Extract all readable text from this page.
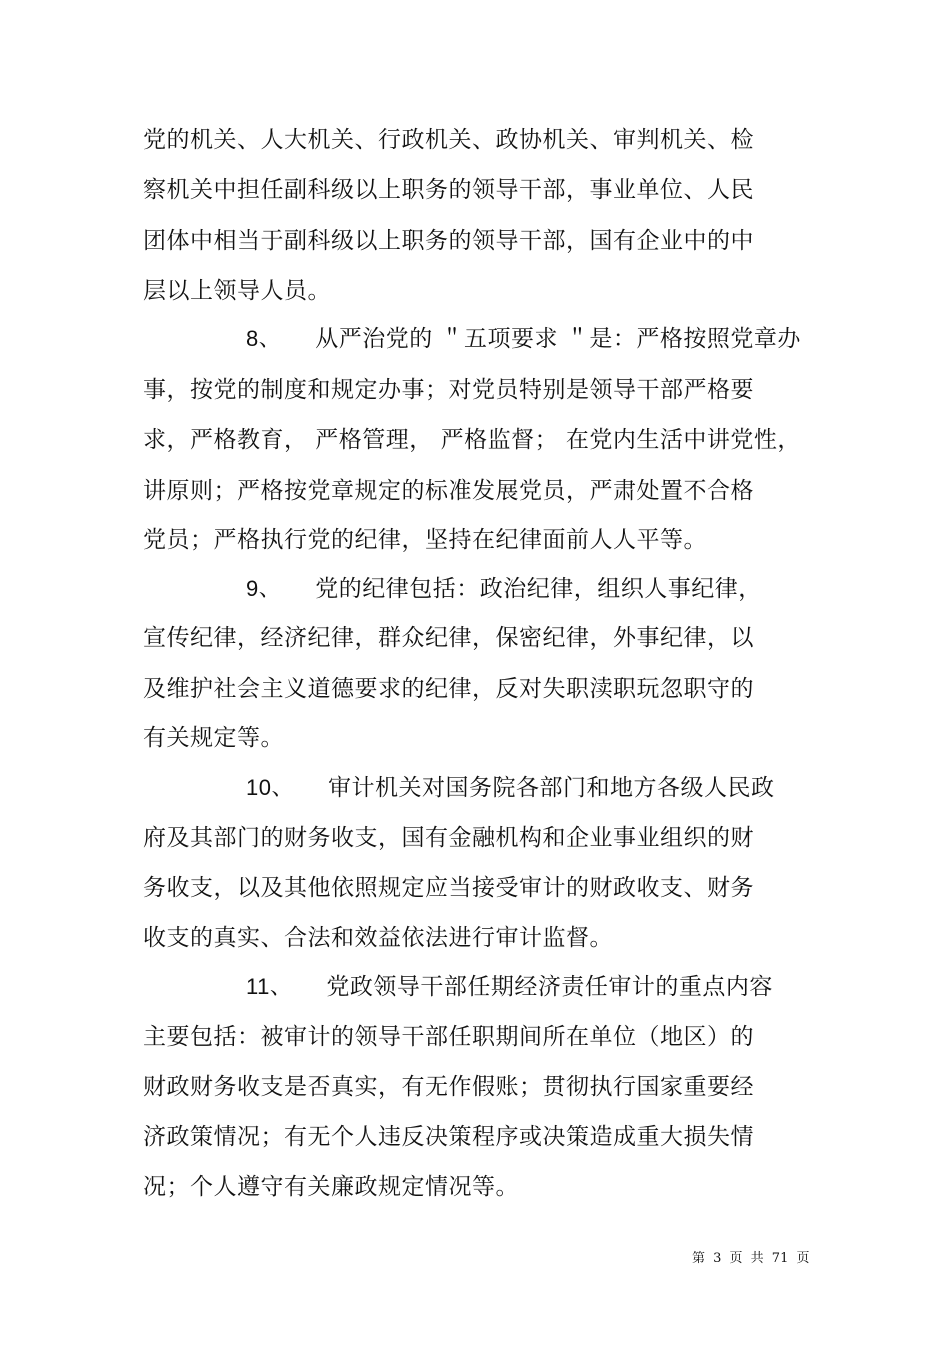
党的机关、人大机关、行政机关、政协机关、审判机关、检
察机关中担任副科级以上职务的领导干部，事业单位、人民
团体中相当于副科级以上职务的领导干部，国有企业中的中
层以上领导人员。
8、 从严治党的 ＂五项要求 ＂是：严格按照党章办
事，按党的制度和规定办事；对党员特别是领导干部严格要
求，严格教育， 严格管理， 严格监督； 在党内生活中讲党性，
讲原则；严格按党章规定的标准发展党员，严肃处置不合格
党员；严格执行党的纪律，坚持在纪律面前人人平等。
9、 党的纪律包括：政治纪律，组织人事纪律，
宣传纪律，经济纪律，群众纪律，保密纪律，外事纪律，以
及维护社会主义道德要求的纪律，反对失职渎职玩忽职守的
有关规定等。
10、 审计机关对国务院各部门和地方各级人民政
府及其部门的财务收支，国有金融机构和企业事业组织的财
务收支，以及其他依照规定应当接受审计的财政收支、财务
收支的真实、合法和效益依法进行审计监督。
11、 党政领导干部任期经济责任审计的重点内容
主要包括：被审计的领导干部任职期间所在单位（地区）的
财政财务收支是否真实，有无作假账；贯彻执行国家重要经
济政策情况；有无个人违反决策程序或决策造成重大损失情
况；个人遵守有关廉政规定情况等。
第 3 页 共 71 页
